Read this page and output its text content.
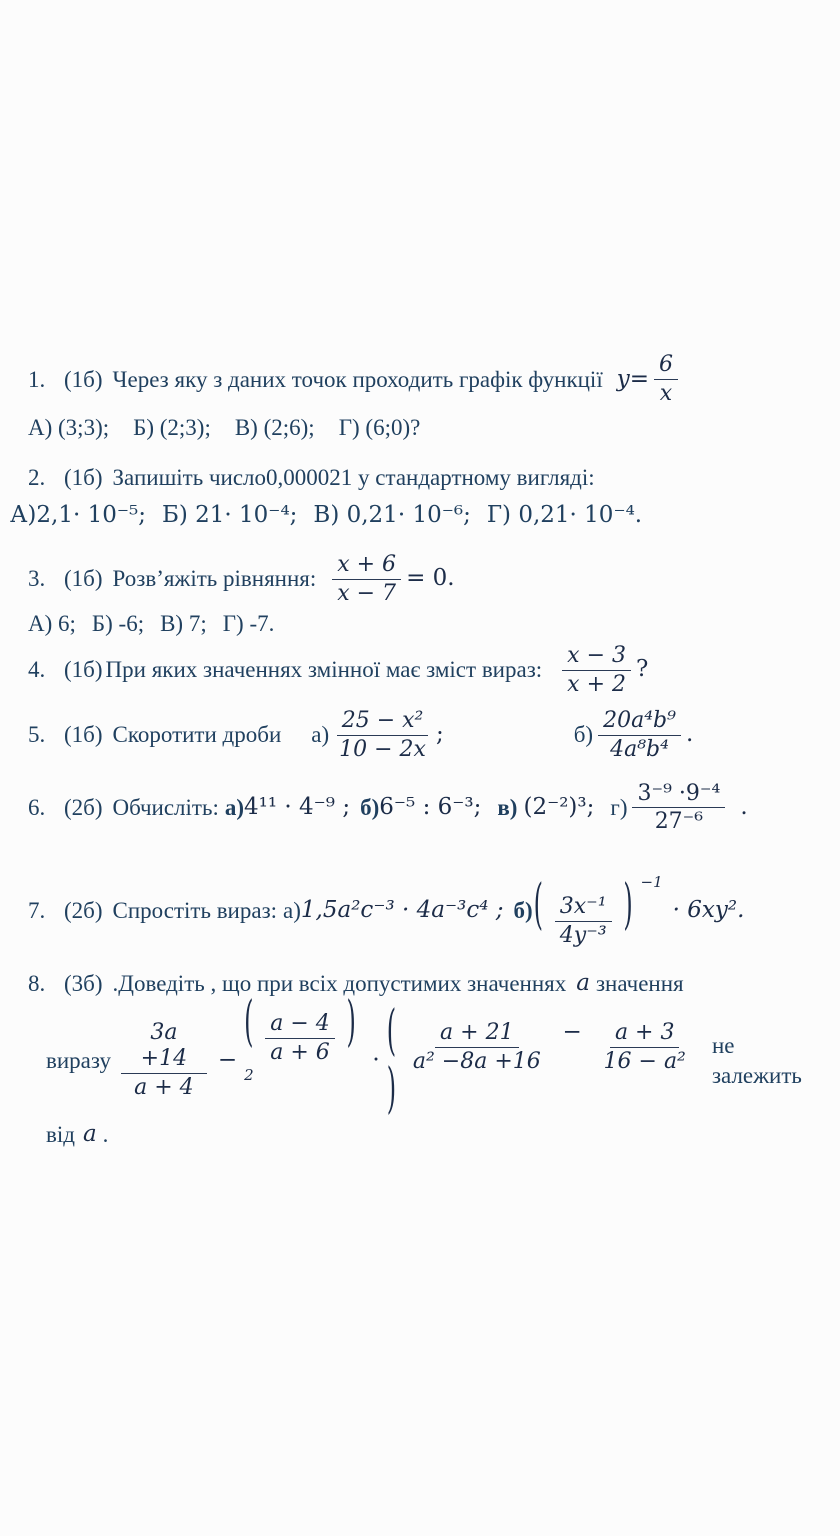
1. (1б) Через яку з даних точок проходить графік функції $y= \frac{6}{x}$
А) (3;3); Б) (2;3); В) (2;6); Г) (6;0)?
2. (1б) Запишіть число0,000021 у стандартному вигляді:
А)2,1· 10⁻⁵; Б) 21· 10⁻⁴; В) 0,21· 10⁻⁶; Г) 0,21· 10⁻⁴.
3. (1б) Розв’яжіть рівняння: $\frac{x + 6}{x - 7} = 0$.
А) 6; Б) -6; В) 7; Г) -7.
4. (1б) При яких значеннях змінної має зміст вираз: $\frac{x - 3}{x + 2}$ ?
5. (1б) Скоротити дроби $а) \frac{\text{25 − x²}}{10 - 2x}$ ;	$б) \frac{\text{20a⁴b⁹}}{\text{4a⁸b⁴}}$ .
6. (2б) Обчисліть: а) 4¹¹ · 4⁻⁹ ; б) 6⁻⁵ : 6⁻³; в) (2⁻²)³; $г) \frac{\text{3⁻⁹ ·9⁻⁴}}{\text{27⁻⁶}}$ .
7. (2б) Спростіть вираз: а) 1,5a²c⁻³ · 4a⁻³c⁴ ; б) ( $\frac{\text{3x⁻¹}}{\text{4y⁻³}}$ ) $^{-1}$
· 6xy².
8. (3б) .Доведіть , що при всіх допустимих значеннях а значення
виразу $\frac{3a +14}{a + 4}$ −
( $\frac{a - 4}{a + 6}$ ) $^2$
· ( $\frac{a + 21}{\text{a² −8a +16}} - \frac{a + 3}{\text{16 − a²}}$
)
не залежить
від а .
